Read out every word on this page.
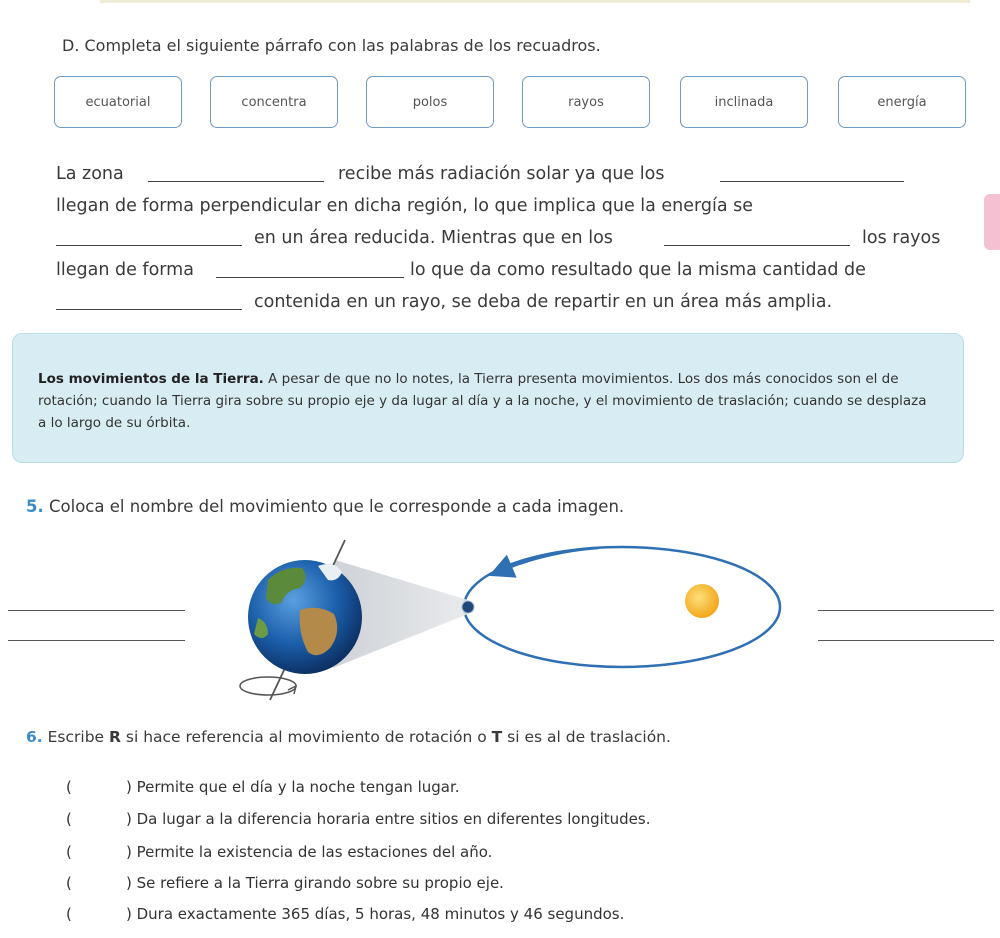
D. Completa el siguiente párrafo con las palabras de los recuadros.
ecuatorial	concentra	polos	rayos	inclinada	energía
La zona	recibe más radiación solar ya que los
llegan de forma perpendicular en dicha región, lo que implica que la energía se
en un área reducida. Mientras que en los	los rayos
llegan de forma	lo que da como resultado que la misma cantidad de
contenida en un rayo, se deba de repartir en un área más amplia.
Los movimientos de la Tierra. A pesar de que no lo notes, la Tierra presenta movimientos. Los dos más conocidos son el de rotación; cuando la Tierra gira sobre su propio eje y da lugar al día y a la noche, y el movimiento de traslación; cuando se desplaza a lo largo de su órbita.
5. Coloca el nombre del movimiento que le corresponde a cada imagen.
6. Escribe R si hace referencia al movimiento de rotación o T si es al de traslación.
(	) Permite que el día y la noche tengan lugar.
(	) Da lugar a la diferencia horaria entre sitios en diferentes longitudes.
(	) Permite la existencia de las estaciones del año.
(	) Se refiere a la Tierra girando sobre su propio eje.
(	) Dura exactamente 365 días, 5 horas, 48 minutos y 46 segundos.
